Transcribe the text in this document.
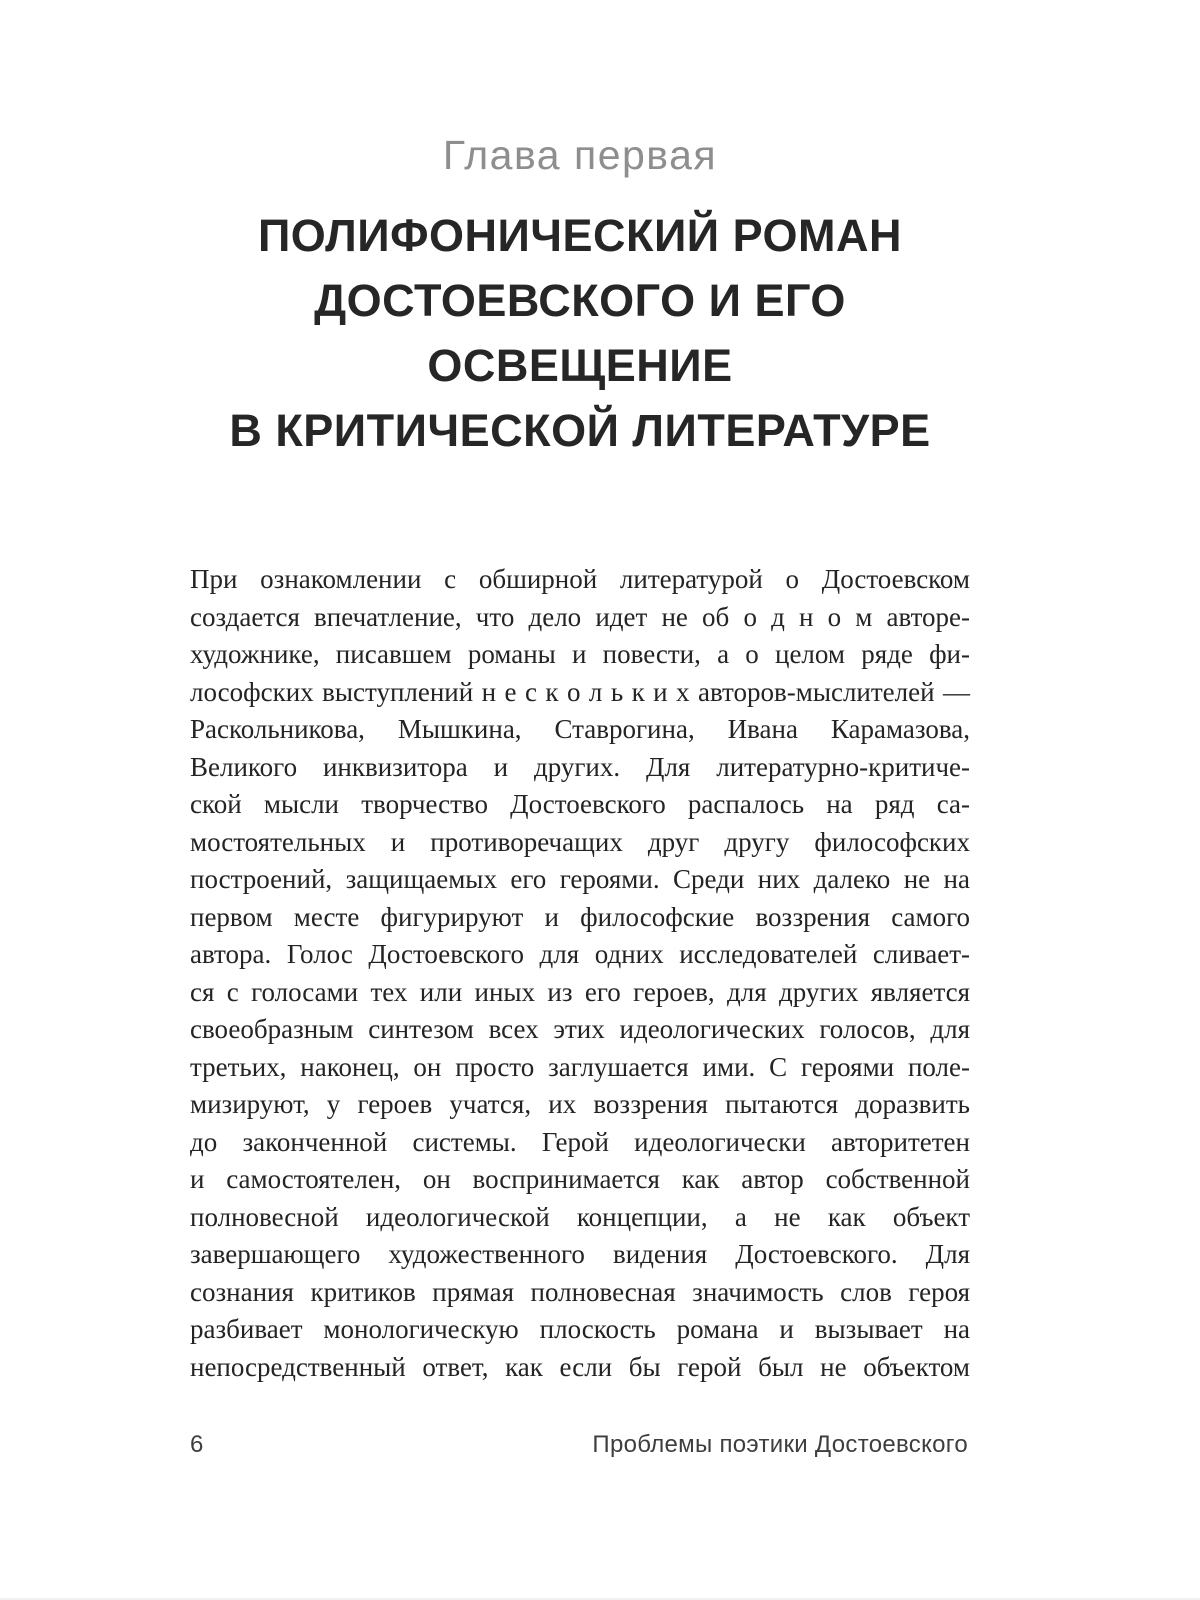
Глава первая
ПОЛИФОНИЧЕСКИЙ РОМАН
ДОСТОЕВСКОГО И ЕГО
ОСВЕЩЕНИЕ
В КРИТИЧЕСКОЙ ЛИТЕРАТУРЕ
При ознакомлении с обширной литературой о Достоевском
создается впечатление, что дело идет не об о д н о м авторе-
художнике, писавшем романы и повести, а о целом ряде фи-
лософских выступлений н е с к о л ь к и х авторов-мыслителей —
Раскольникова, Мышкина, Ставрогина, Ивана Карамазова,
Великого инквизитора и других. Для литературно-критиче-
ской мысли творчество Достоевского распалось на ряд са-
мостоятельных и противоречащих друг другу философских
построений, защищаемых его героями. Среди них далеко не на
первом месте фигурируют и философские воззрения самого
автора. Голос Достоевского для одних исследователей сливает-
ся с голосами тех или иных из его героев, для других является
своеобразным синтезом всех этих идеологических голосов, для
третьих, наконец, он просто заглушается ими. С героями поле-
мизируют, у героев учатся, их воззрения пытаются доразвить
до законченной системы. Герой идеологически авторитетен
и самостоятелен, он воспринимается как автор собственной
полновесной идеологической концепции, а не как объект
завершающего художественного видения Достоевского. Для
сознания критиков прямая полновесная значимость слов героя
разбивает монологическую плоскость романа и вызывает на
непосредственный ответ, как если бы герой был не объектом
6	Проблемы поэтики Достоевского
